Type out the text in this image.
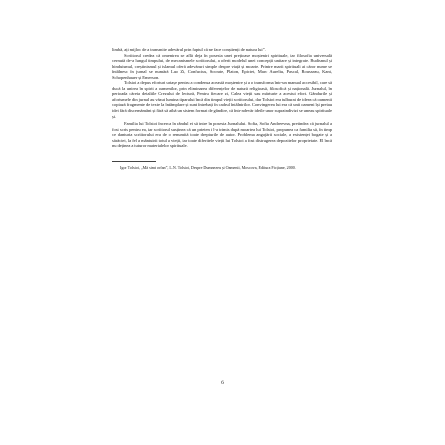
limbă, ați mijloc de a transmite adevărul prin faptul că ne face conștienți de natura lui”.

Scriitorul credea că omenirea se află deja în posesia unei prețioase moșteniri spirituale, iar filosofia universală cernută de-a lungul timpului, de mecanismele scriitorului, a oferit modelul unei concepții unitare și integrate. Budismul și hinduismul, creștinismul și islamul oferă adevăruri simple despre viață și moarte. Printre marii spirituali ai căror nume se întâlnesc în jurnal se numără Lao Zi, Confucius, Socrate, Platon, Epictet, Marc Aureliu, Pascal, Rousseau, Kant, Schopenhauer și Emerson.

Tolstoi a depus eforturi uriașe pentru a condensa această moștenire și a o transforma într-un manual accesibil, care să ducă la unirea în spirit a oamenilor, prin eliminarea diferențelor de natură religioasă, filosofică și națională. Jurnalul, în perioada căreia detaliile Crezului de lectură, Pentru fiecare zi, Calea vieții sau mărturie a acestui efort. Gândurile și aforismele din jurnal au văzut lumina tiparului încă din timpul vieții scriitorului, dar Tolstoi era tulburat de ideea că oamenii copiază fragmente de texte la întâmplare și sunt întrebați în cadrul întâlnirilor. Convingerea lui era că unii oameni își preiau idei fără discernământ și fără să aibă un sistem format de gândire, că într-adevăr ideile unor supraindivizi se uneau spirituale și.

Familia lui Tolstoi încerca în rândul ei să intre în posesia Jurnalului. Sofia, Sofia Andreevna, pretindea că jurnalul a fost scris pentru ea, iar scriitorul susținea că un prieten i l-a trimis după moartea lui Tolstoi, propunea ca familia să, în timp ce danturia scriitorului era de o renumită toate drepturile de autor. Problema angajării sociale, a existenței bogate și a sărăciei, la fel a mântuirii totul a vieții, iar toate diferitele vieții lui Tolstoi a fost distrugerea depozitelor proprietate. El încă nu deținea a tuturor materialelor spirituale.

Igor Tolstoi, „Mă simt orfan”, L.N. Tolstoi, Despre Dumnezeu și Oamenii, Moscova, Editura Ficțiune, 2000.

6
